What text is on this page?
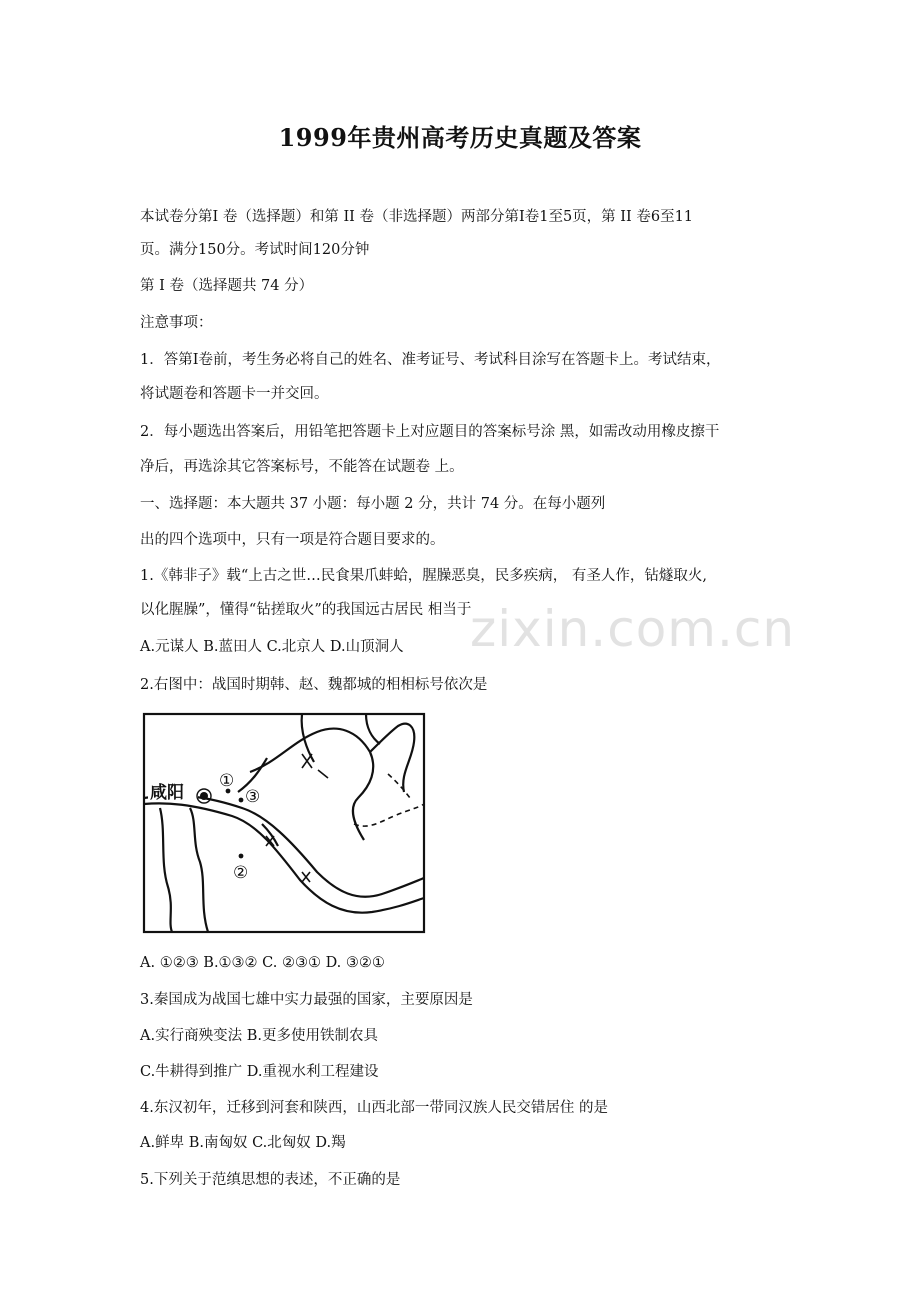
1999年贵州高考历史真题及答案
本试卷分第Ⅰ 卷（选择题）和第 II 卷（非选择题）两部分第Ⅰ卷1至5页，第 II 卷6至11
页。满分150分。考试时间120分钟
第 Ⅰ 卷（选择题共 74 分）
注意事项：
1．答第Ⅰ卷前，考生务必将自己的姓名、准考证号、考试科目涂写在答题卡上。考试结束，
将试题卷和答题卡一并交回。
2．每小题选出答案后，用铅笔把答题卡上对应题目的答案标号涂 黑，如需改动用橡皮擦干
净后，再选涂其它答案标号，不能答在试题卷 上。
一、选择题：本大题共 37 小题：每小题 2 分，共计 74 分。在每小题列
出的四个选项中，只有一项是符合题目要求的。
1.《韩非子》载“上古之世…民食果爪蚌蛤，腥臊恶臭，民多疾病， 有圣人作，钻燧取火,
以化腥臊”，懂得“钻搓取火”的我国远古居民 相当于
A.元谋人 B.蓝田人 C.北京人 D.山顶洞人
2.右图中：战国时期韩、赵、魏都城的相相标号依次是
咸阳
①
③
②
A. ①②③ B.①③② C. ②③① D. ③②①
3.秦国成为战国七雄中实力最强的国家，主要原因是
A.实行商殃变法 B.更多使用铁制农具
C.牛耕得到推广 D.重视水利工程建设
4.东汉初年，迁移到河套和陕西，山西北部一带同汉族人民交错居住 的是
A.鲜卑 B.南匈奴 C.北匈奴 D.羯
5.下列关于范缜思想的表述，不正确的是
zixin.com.cn
